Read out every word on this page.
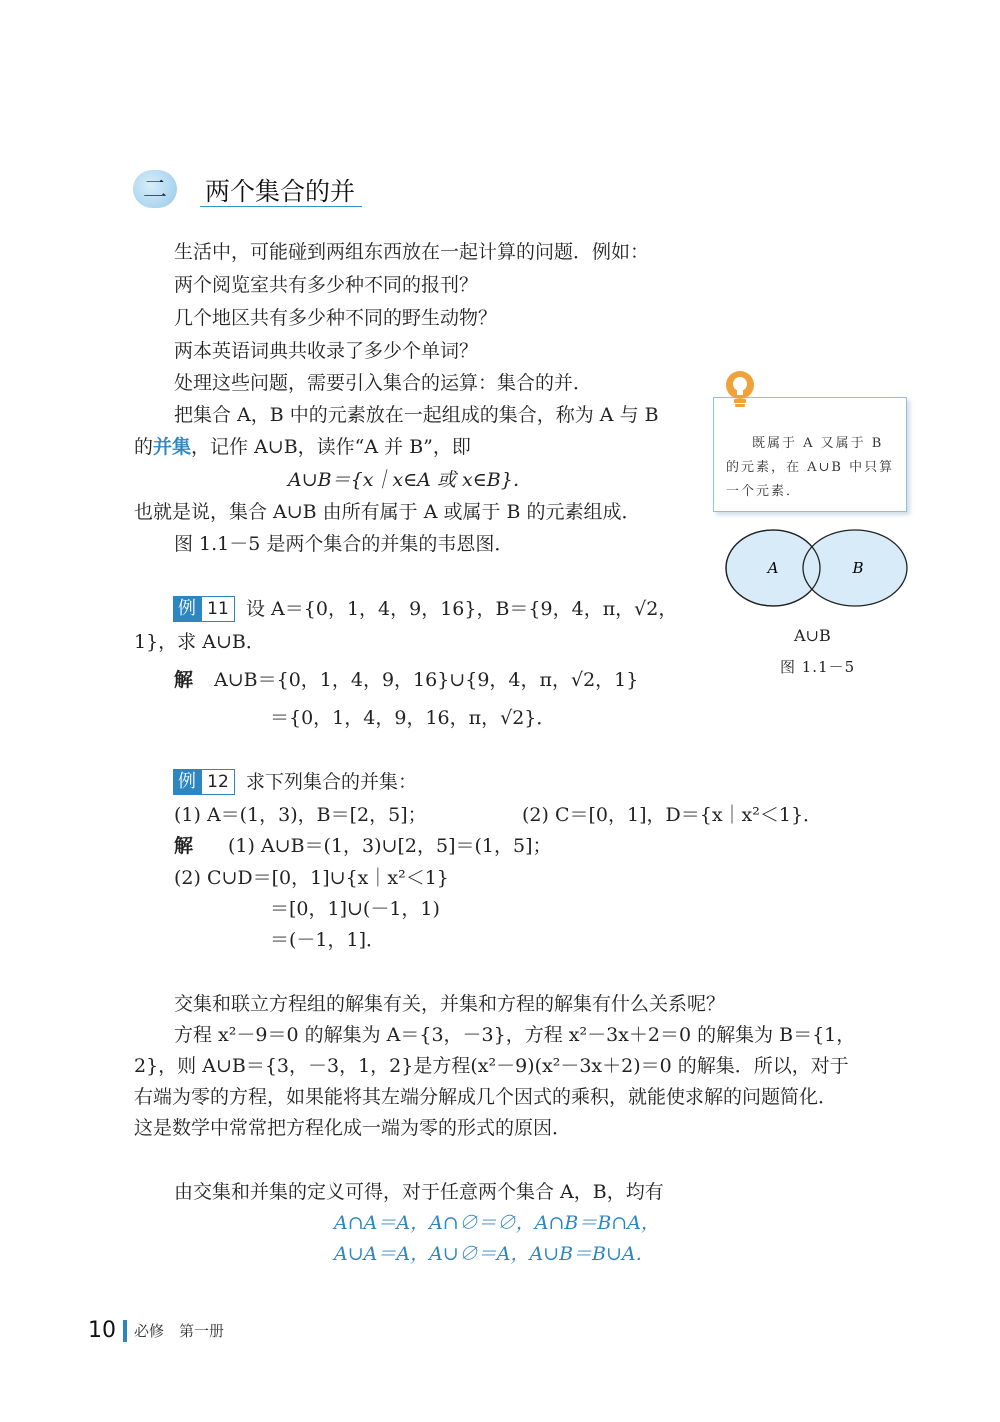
二	两个集合的并
生活中，可能碰到两组东西放在一起计算的问题．例如：
两个阅览室共有多少种不同的报刊？
几个地区共有多少种不同的野生动物？
两本英语词典共收录了多少个单词？
处理这些问题，需要引入集合的运算：集合的并．
把集合 A，B 中的元素放在一起组成的集合，称为 A 与 B
的并集，记作 A∪B，读作“A 并 B”，即
A∪B＝{x｜x∈A 或 x∈B}．
也就是说，集合 A∪B 由所有属于 A 或属于 B 的元素组成．
图 1.1－5 是两个集合的并集的韦恩图．
既属于 A 又属于 B 的元素，在 A∪B 中只算一个元素．
A	B
A∪B
图 1.1－5
例 11 设 A＝{0，1，4，9，16}，B＝{9，4，π，√2，
1}，求 A∪B．
解 A∪B＝{0，1，4，9，16}∪{9，4，π，√2，1}
＝{0，1，4，9，16，π，√2}．
例 12 求下列集合的并集：
(1) A＝(1，3)，B＝[2，5]；	(2) C＝[0，1]，D＝{x｜x²＜1}．
解 (1) A∪B＝(1，3)∪[2，5]＝(1，5]；
(2) C∪D＝[0，1]∪{x｜x²＜1}
＝[0，1]∪(－1，1)
＝(－1，1]．
交集和联立方程组的解集有关，并集和方程的解集有什么关系呢？
方程 x²－9＝0 的解集为 A＝{3，－3}，方程 x²－3x＋2＝0 的解集为 B＝{1，
2}，则 A∪B＝{3，－3，1，2}是方程(x²－9)(x²－3x＋2)＝0 的解集．所以，对于
右端为零的方程，如果能将其左端分解成几个因式的乘积，就能使求解的问题简化．
这是数学中常常把方程化成一端为零的形式的原因．
由交集和并集的定义可得，对于任意两个集合 A，B，均有
A∩A＝A，A∩∅＝∅，A∩B＝B∩A，
A∪A＝A，A∪∅＝A，A∪B＝B∪A．
10 必修　第一册
